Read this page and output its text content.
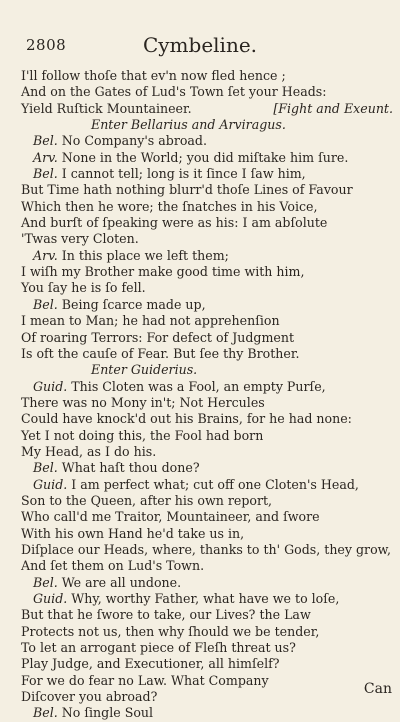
2808	Cymbeline.
I'll follow thoſe that ev'n now fled hence ;
And on the Gates of Lud's Town ſet your Heads:
Yield Ruſtick Mountaineer.	[Fight and Exeunt.
Enter Bellarius and Arviragus.
Bel. No Company's abroad.
Arv. None in the World; you did miſtake him ſure.
Bel. I cannot tell; long is it ſince I ſaw him,
But Time hath nothing blurr'd thoſe Lines of Favour
Which then he wore; the ſnatches in his Voice,
And burſt of ſpeaking were as his: I am abſolute
'Twas very Cloten.
Arv. In this place we left them;
I wiſh my Brother make good time with him,
You ſay he is ſo fell.
Bel. Being ſcarce made up,
I mean to Man; he had not apprehenſion
Of roaring Terrors: For defect of Judgment
Is oft the cauſe of Fear. But ſee thy Brother.
Enter Guiderius.
Guid. This Cloten was a Fool, an empty Purſe,
There was no Mony in't; Not Hercules
Could have knock'd out his Brains, for he had none:
Yet I not doing this, the Fool had born
My Head, as I do his.
Bel. What haſt thou done?
Guid. I am perfect what; cut off one Cloten's Head,
Son to the Queen, after his own report,
Who call'd me Traitor, Mountaineer, and ſwore
With his own Hand he'd take us in,
Diſplace our Heads, where, thanks to th' Gods, they grow,
And ſet them on Lud's Town.
Bel. We are all undone.
Guid. Why, worthy Father, what have we to loſe,
But that he ſwore to take, our Lives? the Law
Protects not us, then why ſhould we be tender,
To let an arrogant piece of Fleſh threat us?
Play Judge, and Executioner, all himſelf?
For we do fear no Law. What Company
Diſcover you abroad?
Bel. No ſingle Soul
Can
